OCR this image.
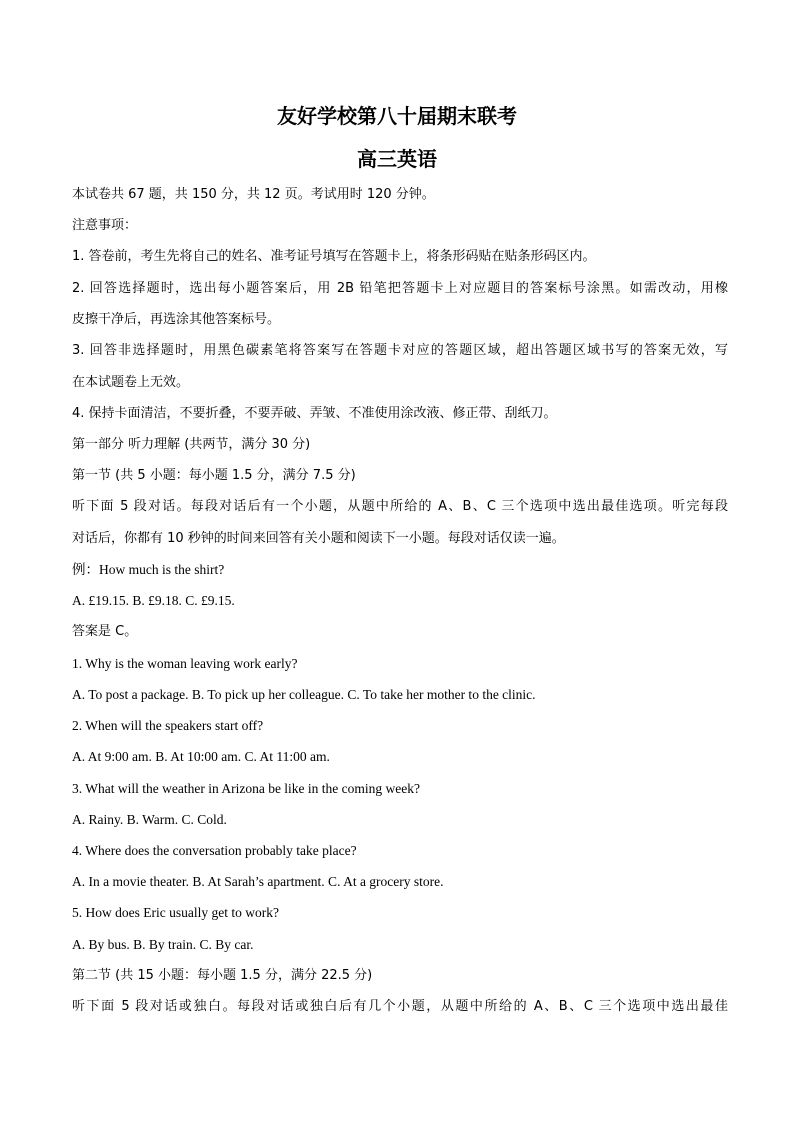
友好学校第八十届期末联考
高三英语
本试卷共 67 题，共 150 分，共 12 页。考试用时 120 分钟。
注意事项：
1. 答卷前，考生先将自己的姓名、准考证号填写在答题卡上，将条形码贴在贴条形码区内。
2. 回答选择题时，选出每小题答案后，用 2B 铅笔把答题卡上对应题目的答案标号涂黑。如需改动，用橡
皮擦干净后，再选涂其他答案标号。
3. 回答非选择题时，用黑色碳素笔将答案写在答题卡对应的答题区域，超出答题区域书写的答案无效，写
在本试题卷上无效。
4. 保持卡面清洁，不要折叠，不要弄破、弄皱、不准使用涂改液、修正带、刮纸刀。
第一部分 听力理解 (共两节，满分 30 分)
第一节 (共 5 小题：每小题 1.5 分，满分 7.5 分)
听下面 5 段对话。每段对话后有一个小题，从题中所给的 A、B、C 三个选项中选出最佳选项。听完每段
对话后，你都有 10 秒钟的时间来回答有关小题和阅读下一小题。每段对话仅读一遍。
例：How much is the shirt?
A. £19.15. B. £9.18. C. £9.15.
答案是 C。
1. Why is the woman leaving work early?
A. To post a package. B. To pick up her colleague. C. To take her mother to the clinic.
2. When will the speakers start off?
A. At 9:00 am. B. At 10:00 am. C. At 11:00 am.
3. What will the weather in Arizona be like in the coming week?
A. Rainy. B. Warm. C. Cold.
4. Where does the conversation probably take place?
A. In a movie theater. B. At Sarah’s apartment. C. At a grocery store.
5. How does Eric usually get to work?
A. By bus. B. By train. C. By car.
第二节 (共 15 小题：每小题 1.5 分，满分 22.5 分)
听下面 5 段对话或独白。每段对话或独白后有几个小题，从题中所给的 A、B、C 三个选项中选出最佳
